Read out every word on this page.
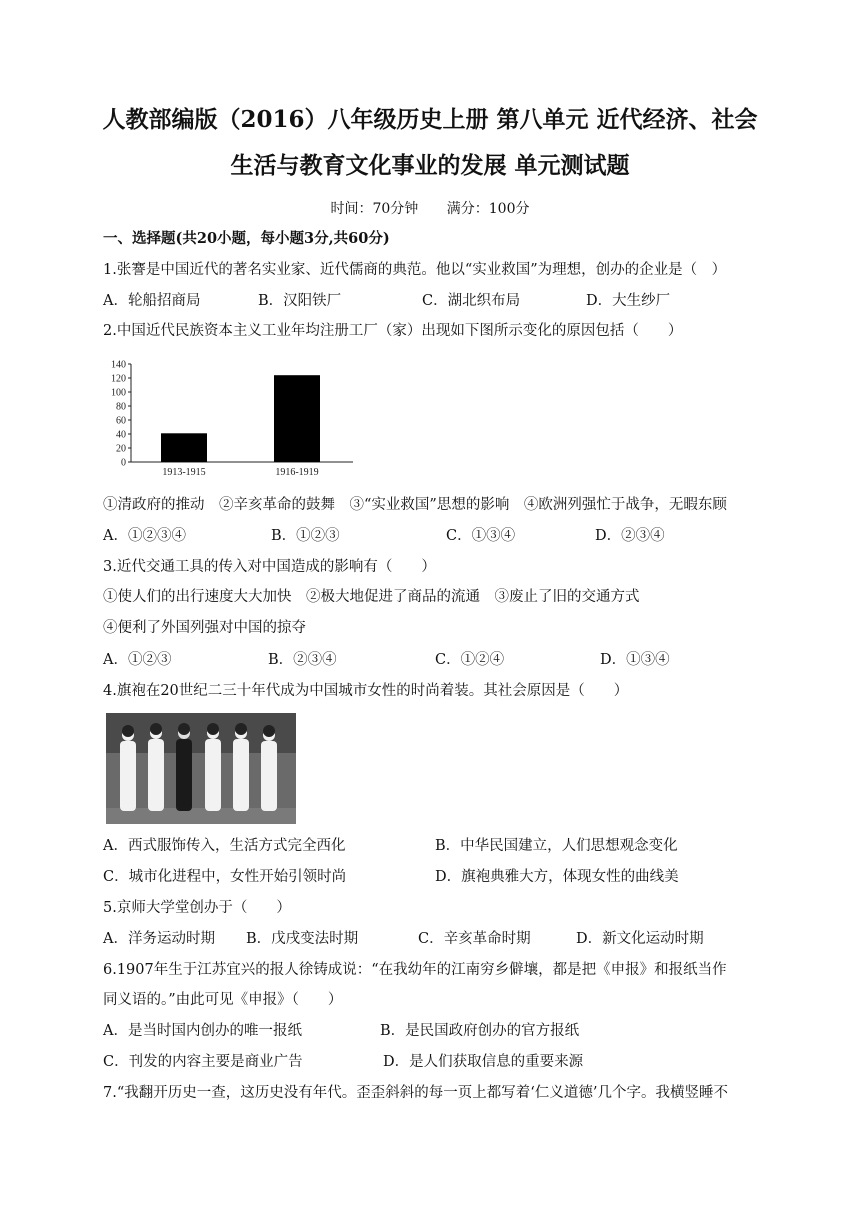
人教部编版（2016）八年级历史上册 第八单元 近代经济、社会
生活与教育文化事业的发展 单元测试题
时间：70分钟 满分：100分
一、选择题(共20小题，每小题3分,共60分)
1.张謇是中国近代的著名实业家、近代儒商的典范。他以“实业救国”为理想，创办的企业是（　）
A．轮船招商局	B．汉阳铁厂	C．湖北织布局	D．大生纱厂
2.中国近代民族资本主义工业年均注册工厂（家）出现如下图所示变化的原因包括（　　）
0
20
40
60
80
100
120
140
1913-1915	1916-1919
①清政府的推动　②辛亥革命的鼓舞　③“实业救国”思想的影响　④欧洲列强忙于战争，无暇东顾
A．①②③④	B．①②③	C．①③④	D．②③④
3.近代交通工具的传入对中国造成的影响有（　　）
①使人们的出行速度大大加快　②极大地促进了商品的流通　③废止了旧的交通方式
④便利了外国列强对中国的掠夺
A．①②③	B．②③④	C．①②④	D．①③④
4.旗袍在20世纪二三十年代成为中国城市女性的时尚着装。其社会原因是（　　）
A．西式服饰传入，生活方式完全西化	B．中华民国建立，人们思想观念变化
C．城市化进程中，女性开始引领时尚	D．旗袍典雅大方，体现女性的曲线美
5.京师大学堂创办于（　　）
A．洋务运动时期 B．戊戌变法时期	C．辛亥革命时期	D．新文化运动时期
6.1907年生于江苏宜兴的报人徐铸成说：“在我幼年的江南穷乡僻壤，都是把《申报》和报纸当作
同义语的。”由此可见《申报》（　　）
A．是当时国内创办的唯一报纸	B．是民国政府创办的官方报纸
C．刊发的内容主要是商业广告	D．是人们获取信息的重要来源
7.“我翻开历史一查，这历史没有年代。歪歪斜斜的每一页上都写着‘仁义道德’几个字。我横竖睡不
